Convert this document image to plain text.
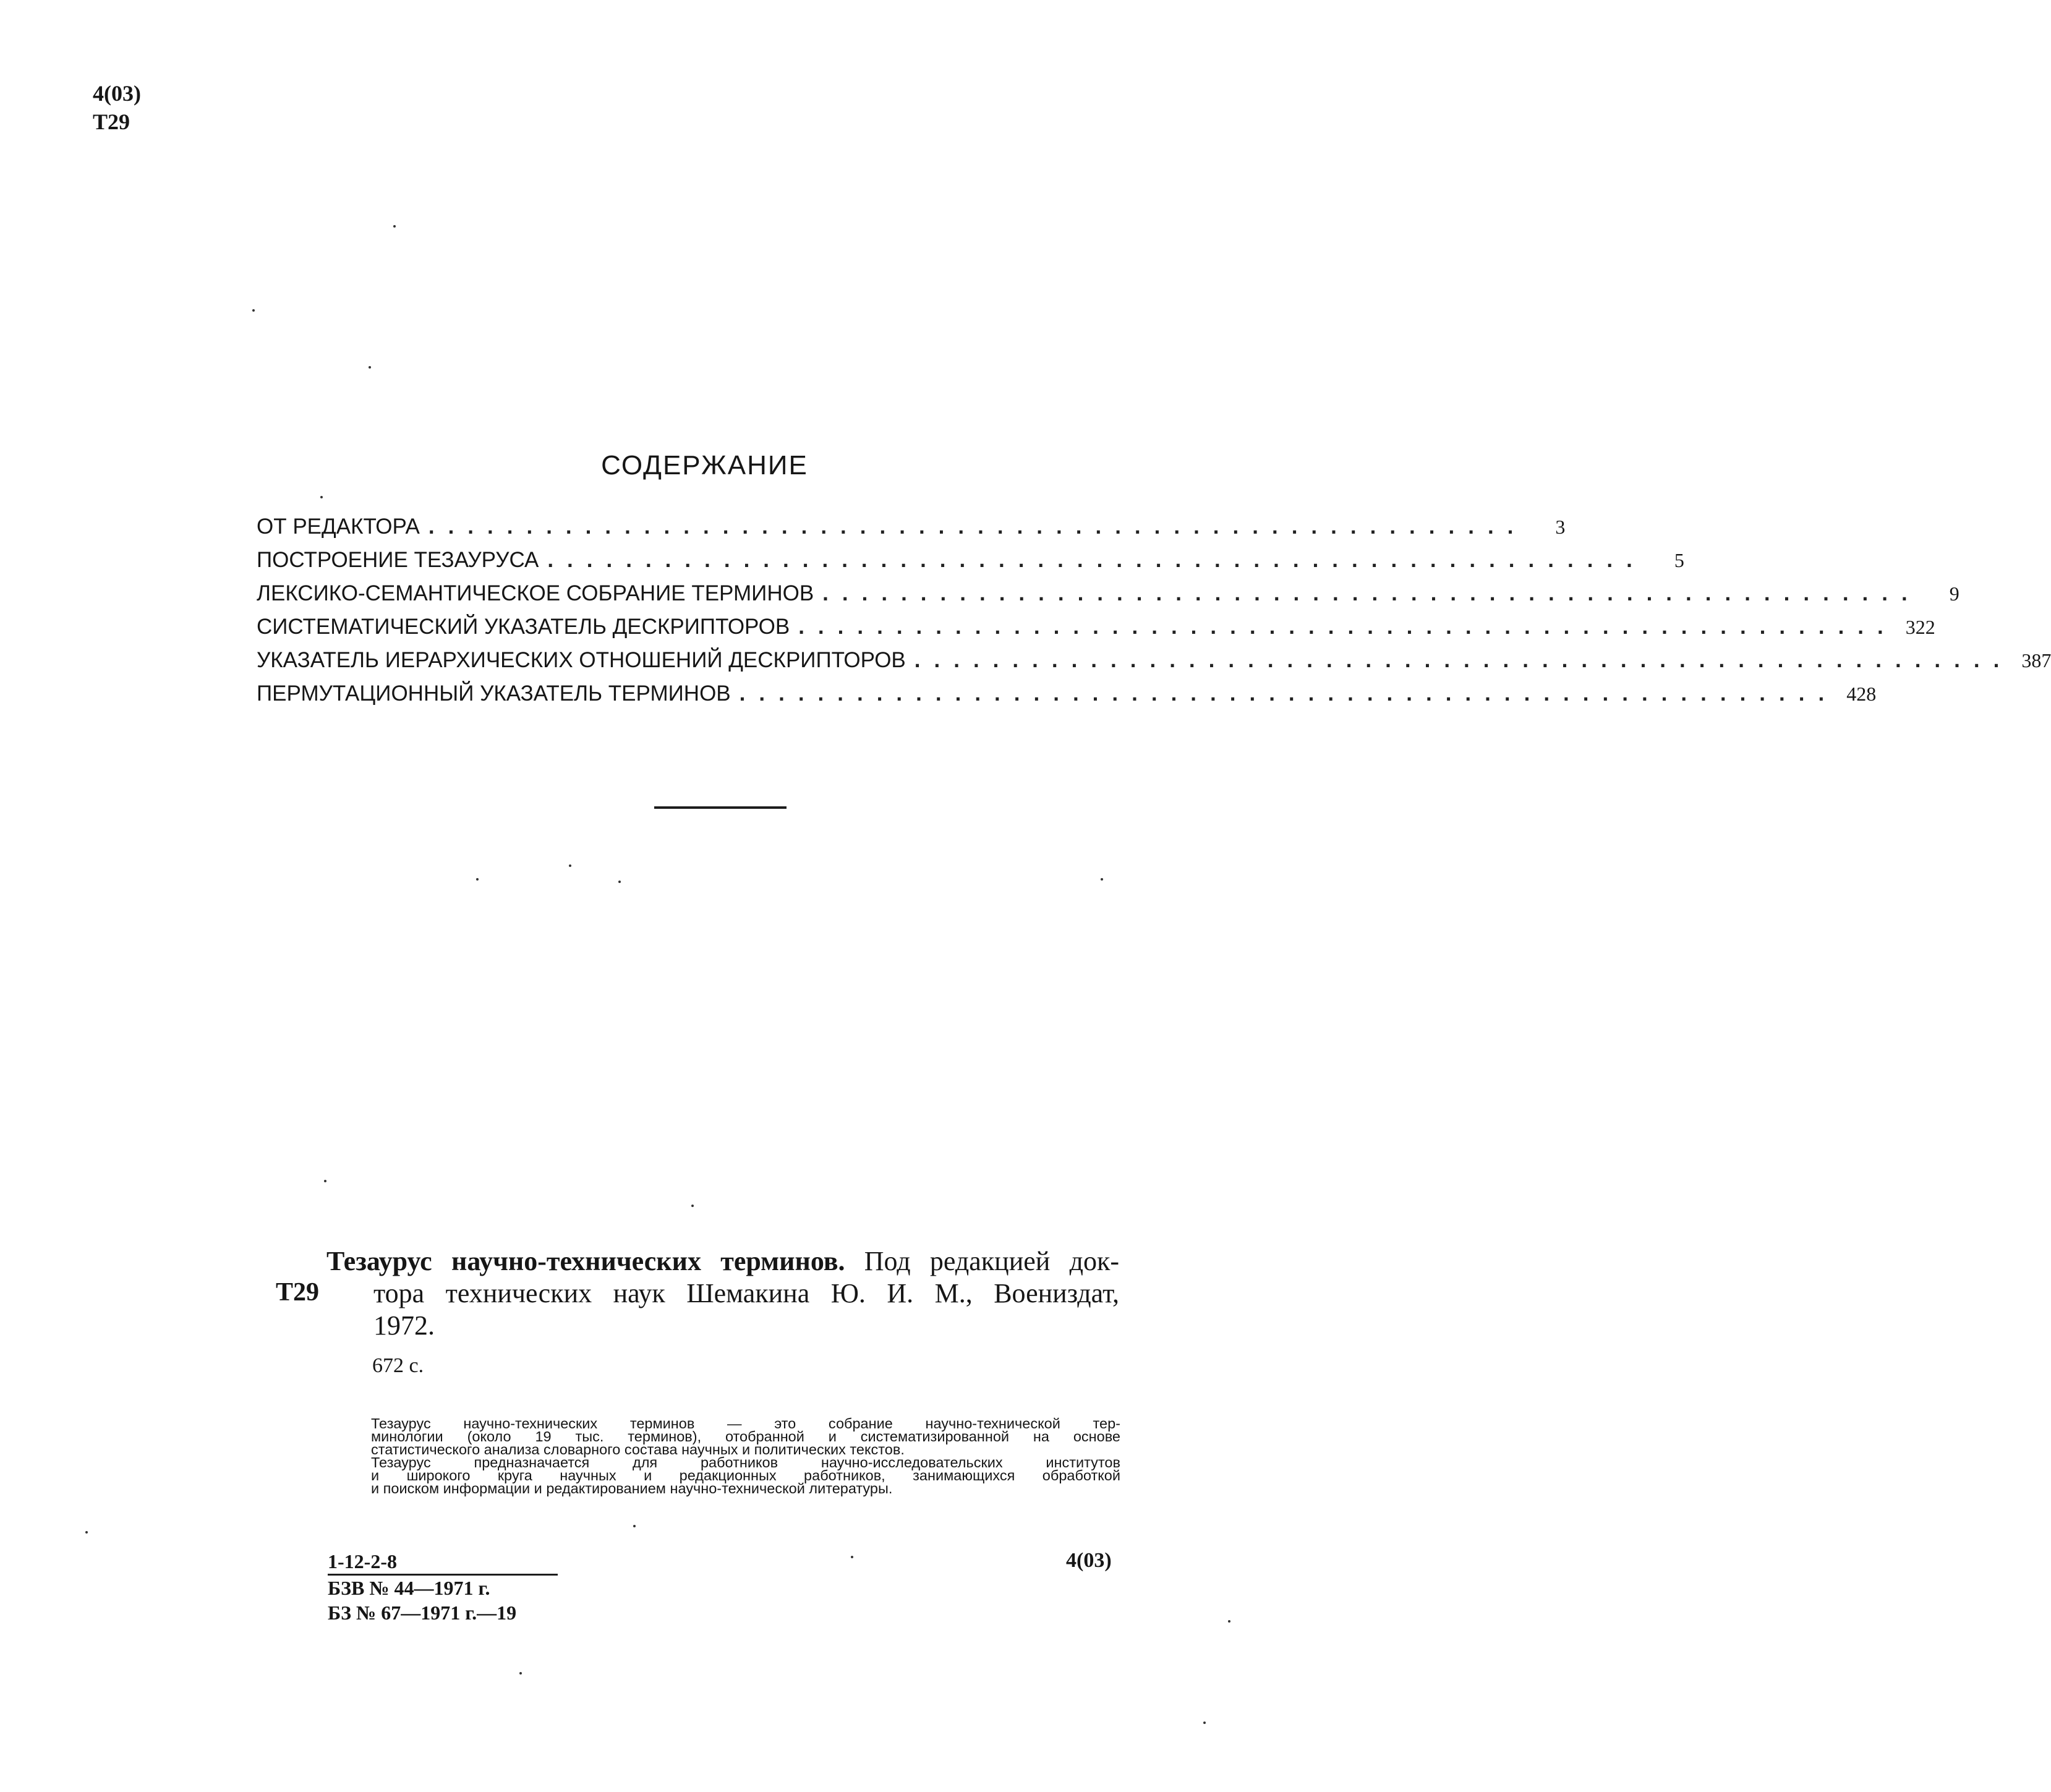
4(03)
Т29
СОДЕРЖАНИЕ
ОТ РЕДАКТОРА ........................................................	3
ПОСТРОЕНИЕ ТЕЗАУРУСА ........................................................	5
ЛЕКСИКО-СЕМАНТИЧЕСКОЕ СОБРАНИЕ ТЕРМИНОВ ........................................................	9
СИСТЕМАТИЧЕСКИЙ УКАЗАТЕЛЬ ДЕСКРИПТОРОВ ........................................................ 322
УКАЗАТЕЛЬ ИЕРАРХИЧЕСКИХ ОТНОШЕНИЙ ДЕСКРИПТОРОВ ........................................................ 387
ПЕРМУТАЦИОННЫЙ УКАЗАТЕЛЬ ТЕРМИНОВ ........................................................ 428
Т29
Тезаурус научно-технических терминов. Под редакцией док-
тора технических наук Шемакина Ю. И. М., Воениздат,
1972.
672 с.

Тезаурус научно-технических терминов — это собрание научно-технической тер-
минологии (около 19 тыс. терминов), отобранной и систематизированной на основе
статистического анализа словарного состава научных и политических текстов.

Тезаурус предназначается для работников научно-исследовательских институтов
и широкого круга научных и редакционных работников, занимающихся обработкой
и поиском информации и редактированием научно-технической литературы.

1-12-2-8
БЗВ № 44—1971 г.
БЗ № 67—1971 г.—19
4(03)
